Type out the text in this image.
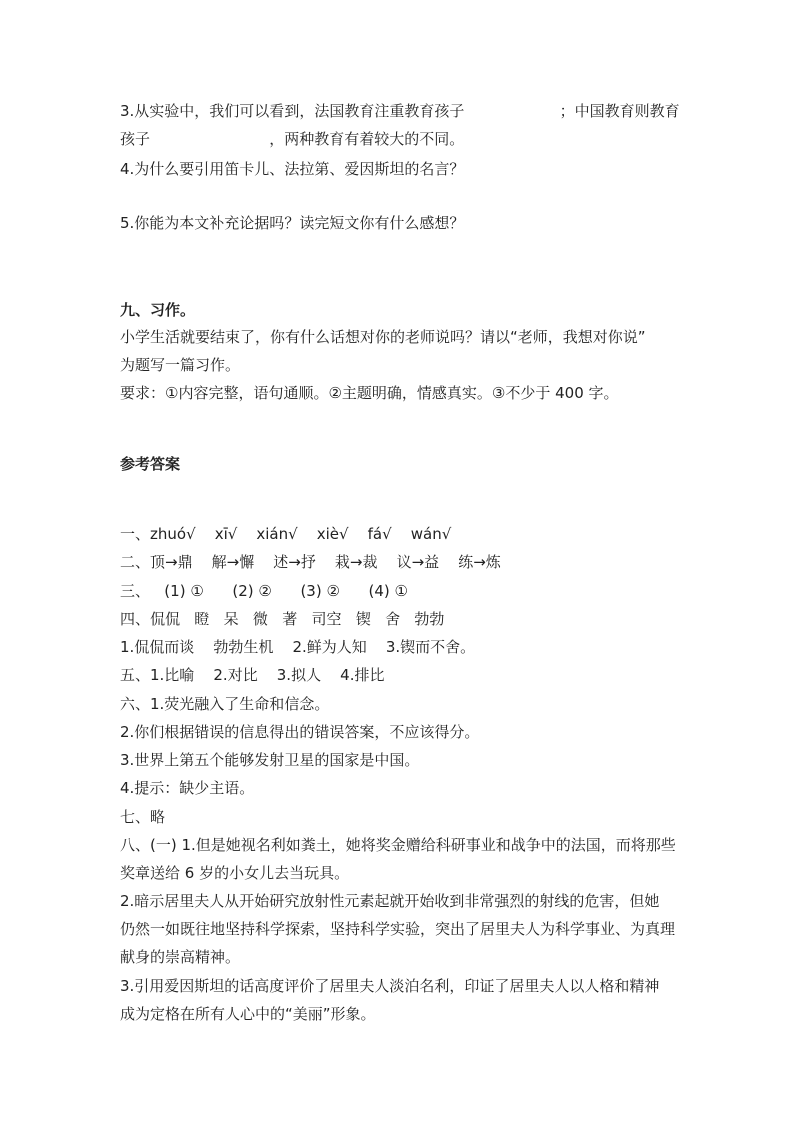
3.从实验中，我们可以看到，法国教育注重教育孩子                    ；中国教育则教育
孩子                         ，两种教育有着较大的不同。
4.为什么要引用笛卡儿、法拉第、爱因斯坦的名言？
5.你能为本文补充论据吗？读完短文你有什么感想？
九、习作。
小学生活就要结束了，你有什么话想对你的老师说吗？请以“老师，我想对你说”
为题写一篇习作。
要求：①内容完整，语句通顺。②主题明确，情感真实。③不少于 400 字。
参考答案
一、zhuó√    xī√    xián√    xiè√    fá√    wán√
二、顶→鼎    解→懈    述→抒    栽→裁    议→益    练→炼
三、   (1) ①      (2) ②      (3) ②      (4) ①
四、侃侃   瞪   呆   微   著   司空   锲   舍   勃勃
1.侃侃而谈    勃勃生机    2.鲜为人知    3.锲而不舍。
五、1.比喻    2.对比    3.拟人    4.排比
六、1.荧光融入了生命和信念。
2.你们根据错误的信息得出的错误答案，不应该得分。
3.世界上第五个能够发射卫星的国家是中国。
4.提示：缺少主语。
七、略
八、(一) 1.但是她视名利如粪土，她将奖金赠给科研事业和战争中的法国，而将那些
奖章送给 6 岁的小女儿去当玩具。
2.暗示居里夫人从开始研究放射性元素起就开始收到非常强烈的射线的危害，但她
仍然一如既往地坚持科学探索，坚持科学实验，突出了居里夫人为科学事业、为真理
献身的崇高精神。
3.引用爱因斯坦的话高度评价了居里夫人淡泊名利，印证了居里夫人以人格和精神
成为定格在所有人心中的“美丽”形象。
